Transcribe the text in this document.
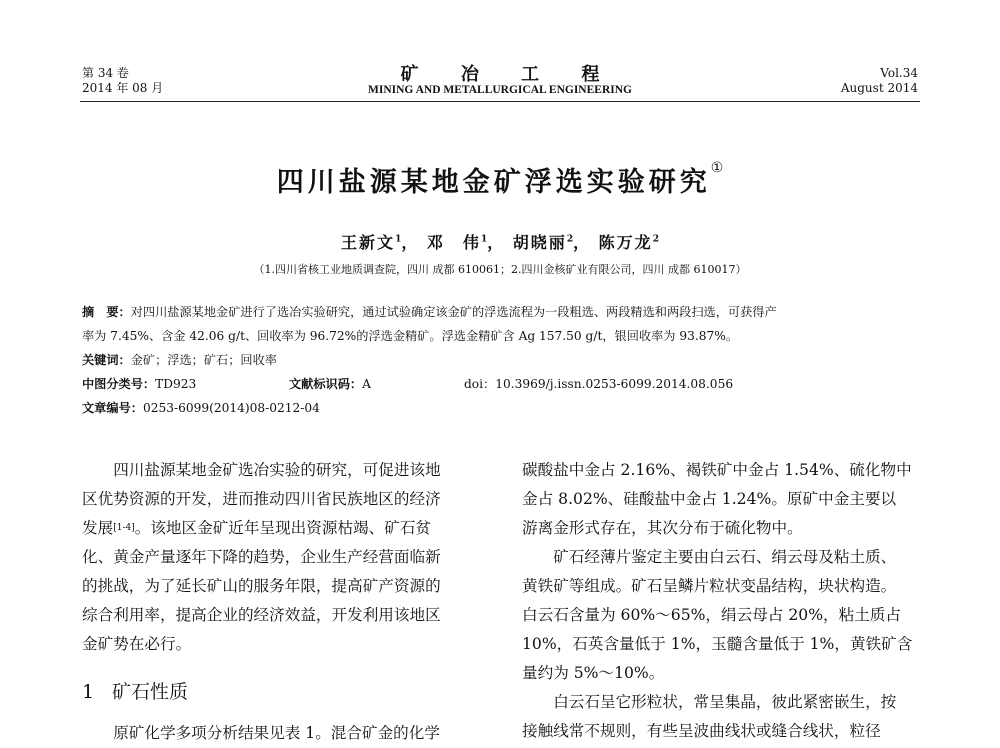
第 34 卷
2014 年 08 月
矿 冶 工 程
MINING AND METALLURGICAL ENGINEERING
Vol.34
August 2014
四川盐源某地金矿浮选实验研究①
王新文$^1$， 邓　伟$^1$， 胡晓丽$^2$， 陈万龙$^2$
（1.四川省核工业地质调查院，四川 成都 610061；2.四川金核矿业有限公司，四川 成都 610017）
摘　要：对四川盐源某地金矿进行了选冶实验研究，通过试验确定该金矿的浮选流程为一段粗选、两段精选和两段扫选，可获得产
率为 7.45%、含金 42.06 g/t、回收率为 96.72%的浮选金精矿。浮选金精矿含 Ag 157.50 g/t，银回收率为 93.87%。
关键词：金矿；浮选；矿石；回收率
中图分类号：TD923	文献标识码：A	doi：10.3969/j.issn.0253-6099.2014.08.056
文章编号：0253-6099(2014)08-0212-04
　　四川盐源某地金矿选冶实验的研究，可促进该地
区优势资源的开发，进而推动四川省民族地区的经济
发展[1-4]。该地区金矿近年呈现出资源枯竭、矿石贫
化、黄金产量逐年下降的趋势，企业生产经营面临新
的挑战，为了延长矿山的服务年限，提高矿产资源的
综合利用率，提高企业的经济效益，开发利用该地区
金矿势在必行。
1 矿石性质
　　原矿化学多项分析结果见表 1。混合矿金的化学
碳酸盐中金占 2.16%、褐铁矿中金占 1.54%、硫化物中
金占 8.02%、硅酸盐中金占 1.24%。原矿中金主要以
游离金形式存在，其次分布于硫化物中。
　　矿石经薄片鉴定主要由白云石、绢云母及粘土质、
黄铁矿等组成。矿石呈鳞片粒状变晶结构，块状构造。
白云石含量为 60%～65%，绢云母占 20%，粘土质占
10%，石英含量低于 1%，玉髓含量低于 1%，黄铁矿含
量约为 5%～10%。
　　白云石呈它形粒状，常呈集晶，彼此紧密嵌生，按
接触线常不规则，有些呈波曲线状或缝合线状，粒径
